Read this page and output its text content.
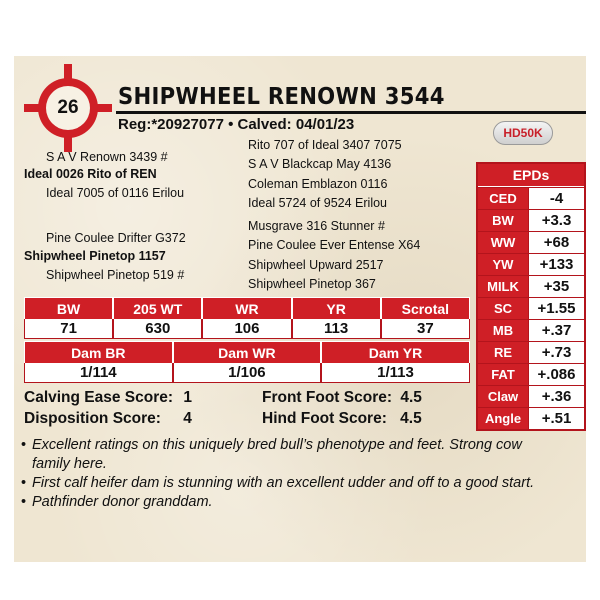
26	SHIPWHEEL RENOWN 3544
Reg:*20927077 • Calved: 04/01/23	HD50K
S A V Renown 3439 #
Ideal 0026 Rito of REN
Ideal 7005 of 0116 Erilou
Rito 707 of Ideal 3407 7075
S A V Blackcap May 4136
Coleman Emblazon 0116
Ideal 5724 of 9524 Erilou
Pine Coulee Drifter G372
Shipwheel Pinetop 1157
Shipwheel Pinetop 519 #
Musgrave 316 Stunner #
Pine Coulee Ever Entense X64
Shipwheel Upward 2517
Shipwheel Pinetop 367
EPDs
CED	-4
BW	+3.3
WW	+68
YW	+133
MILK	+35
SC	+1.55
MB	+.37
RE	+.73
FAT	+.086
Claw	+.36
Angle	+.51
BW	205 WT	WR	YR	Scrotal
71	630	106	113	37
Dam BR	Dam WR	Dam YR
1/114	1/106	1/113
Calving Ease Score: 1	Front Foot Score: 4.5
Disposition Score: 4	Hind Foot Score: 4.5
• Excellent ratings on this uniquely bred bull’s phenotype and feet. Strong cow family here.
• First calf heifer dam is stunning with an excellent udder and off to a good start.
• Pathfinder donor granddam.
